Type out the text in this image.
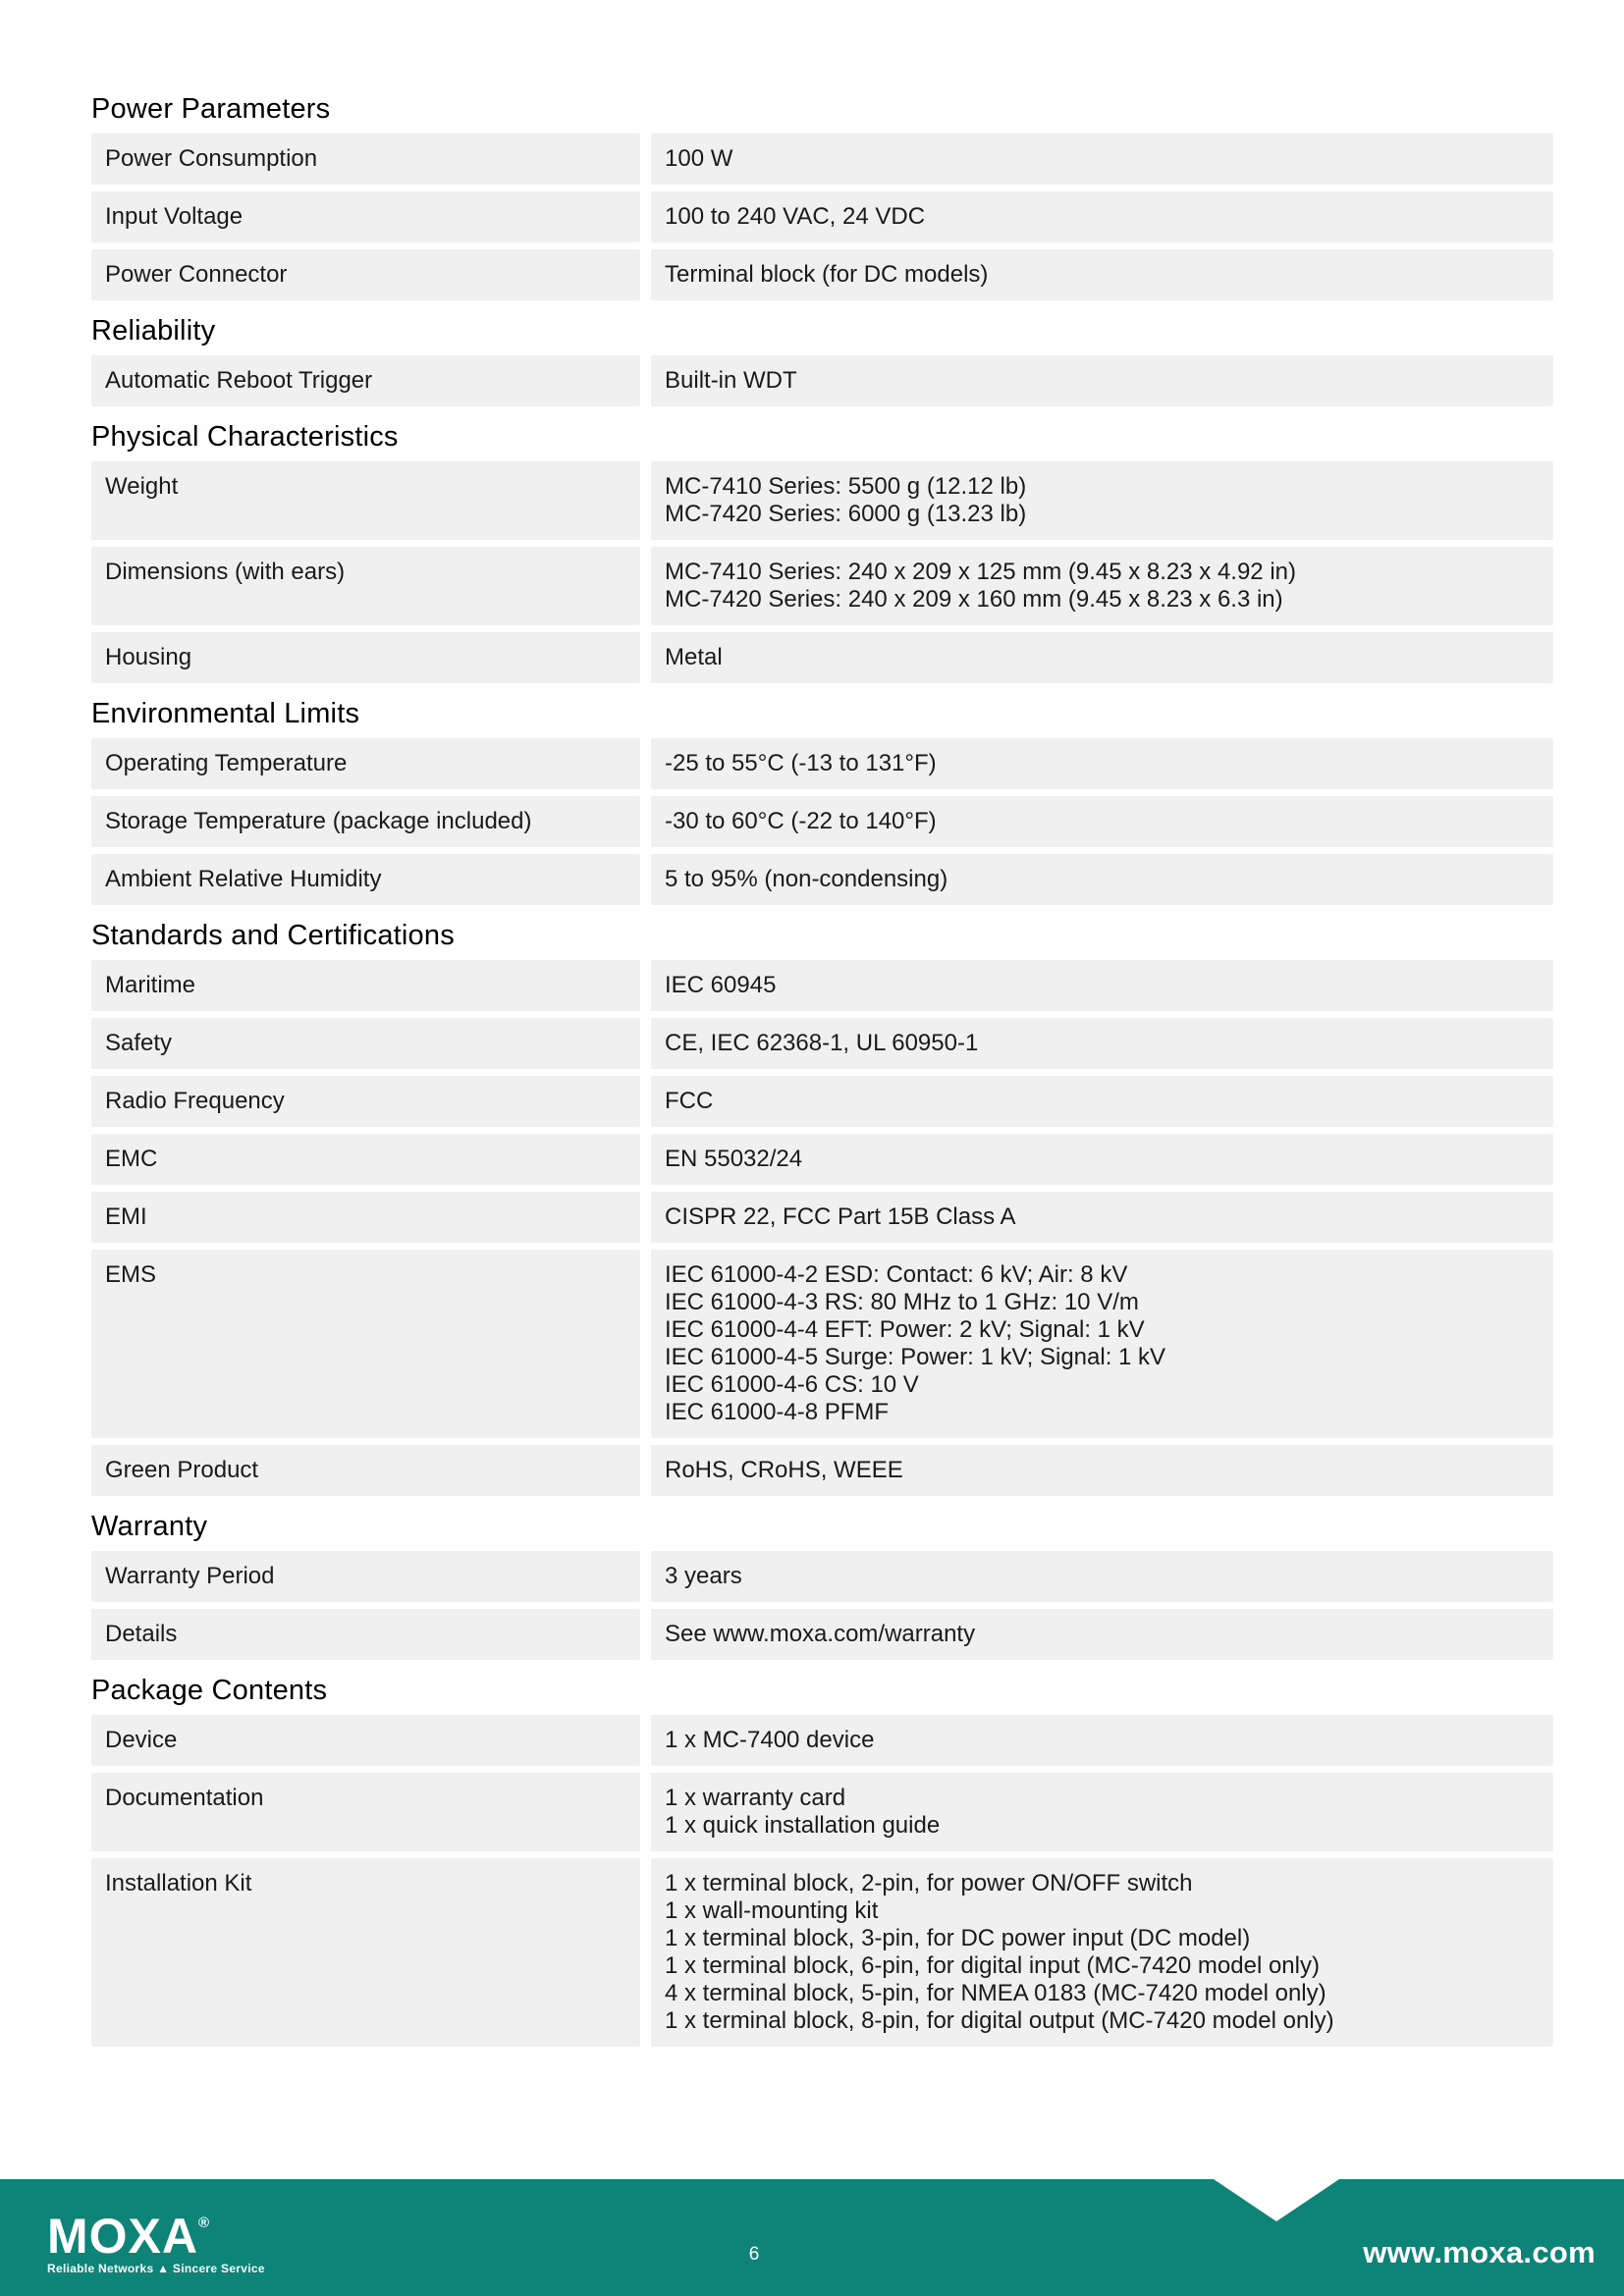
Power Parameters
Power Consumption	100 W
Input Voltage	100 to 240 VAC, 24 VDC
Power Connector	Terminal block (for DC models)
Reliability
Automatic Reboot Trigger	Built-in WDT
Physical Characteristics
Weight	MC-7410 Series: 5500 g (12.12 lb)
MC-7420 Series: 6000 g (13.23 lb)
Dimensions (with ears)	MC-7410 Series: 240 x 209 x 125 mm (9.45 x 8.23 x 4.92 in)
MC-7420 Series: 240 x 209 x 160 mm (9.45 x 8.23 x 6.3 in)
Housing	Metal
Environmental Limits
Operating Temperature	-25 to 55°C (-13 to 131°F)
Storage Temperature (package included)	-30 to 60°C (-22 to 140°F)
Ambient Relative Humidity	5 to 95% (non-condensing)
Standards and Certifications
Maritime	IEC 60945
Safety	CE, IEC 62368-1, UL 60950-1
Radio Frequency	FCC
EMC	EN 55032/24
EMI	CISPR 22, FCC Part 15B Class A
EMS	IEC 61000-4-2 ESD: Contact: 6 kV; Air: 8 kV
IEC 61000-4-3 RS: 80 MHz to 1 GHz: 10 V/m
IEC 61000-4-4 EFT: Power: 2 kV; Signal: 1 kV
IEC 61000-4-5 Surge: Power: 1 kV; Signal: 1 kV
IEC 61000-4-6 CS: 10 V
IEC 61000-4-8 PFMF
Green Product	RoHS, CRoHS, WEEE
Warranty
Warranty Period	3 years
Details	See www.moxa.com/warranty
Package Contents
Device	1 x MC-7400 device
Documentation	1 x warranty card
1 x quick installation guide
Installation Kit	1 x terminal block, 2-pin, for power ON/OFF switch
1 x wall-mounting kit
1 x terminal block, 3-pin, for DC power input (DC model)
1 x terminal block, 6-pin, for digital input (MC-7420 model only)
4 x terminal block, 5-pin, for NMEA 0183 (MC-7420 model only)
1 x terminal block, 8-pin, for digital output (MC-7420 model only)
MOXA®
Reliable Networks ▲ Sincere Service
6	www.moxa.com
